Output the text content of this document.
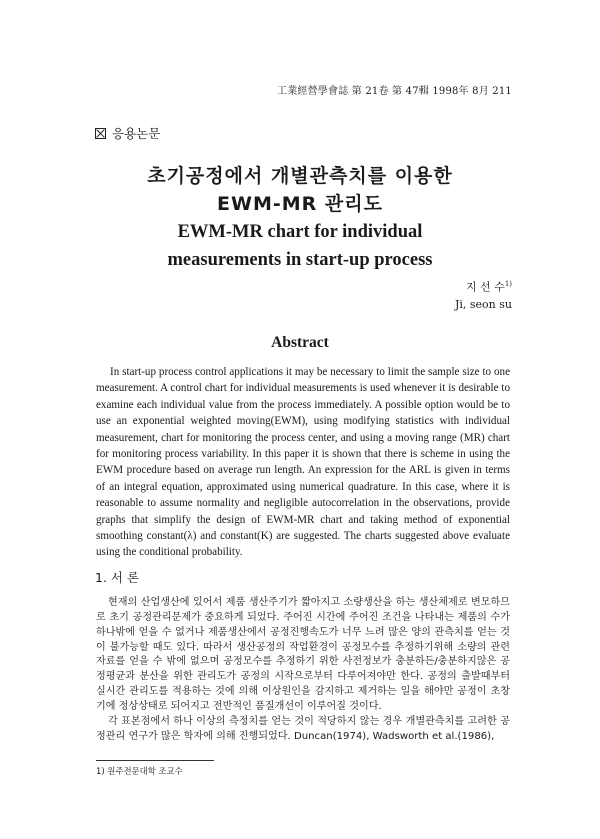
工業經營學會誌 第 21卷 第 47輯 1998年 8月 211
응용논문
초기공정에서 개별관측치를 이용한
EWM-MR 관리도
EWM-MR chart for individual
measurements in start-up process
지 선 수$^{1)}$
Ji, seon su
Abstract

In start-up process control applications it may be necessary to limit the sample size to one measurement. A control chart for individual measurements is used whenever it is desirable to examine each individual value from the process immediately. A possible option would be to use an exponential weighted moving(EWM), using modifying statistics with individual measurement, chart for monitoring the process center, and using a moving range (MR) chart for monitoring process variability. In this paper it is shown that there is scheme in using the EWM procedure based on average run length. An expression for the ARL is given in terms of an integral equation, approximated using numerical quadrature. In this case, where it is reasonable to assume normality and negligible autocorrelation in the observations, provide graphs that simplify the design of EWM-MR chart and taking method of exponential smoothing constant(λ) and constant(K) are suggested. The charts suggested above evaluate using the conditional probability.

1. 서 론

현재의 산업생산에 있어서 제품 생산주기가 짧아지고 소량생산을 하는 생산체제로 변모하므로 초기 공정관리문제가 중요하게 되었다. 주어진 시간에 주어진 조건을 나타내는 제품의 수가 하나밖에 얻을 수 없거나 제품생산에서 공정진행속도가 너무 느려 많은 양의 관측치를 얻는 것이 불가능할 때도 있다. 따라서 생산공정의 작업환경이 공정모수를 추정하기위해 소량의 관련자료를 얻을 수 밖에 없으며 공정모수를 추정하기 위한 사전정보가 충분하든/충분하지않은 공정평균과 분산을 위한 관리도가 공정의 시작으로부터 다루어져야만 한다. 공정의 출발때부터 실시간 관리도를 적용하는 것에 의해 이상원인을 감지하고 제거하는 일을 해야만 공정이 초창기에 정상상태로 되어지고 전반적인 품질개선이 이루어질 것이다.

각 표본점에서 하나 이상의 측정치를 얻는 것이 적당하지 않는 경우 개별관측치를 고려한 공정관리 연구가 많은 학자에 의해 진행되었다. Duncan(1974), Wadsworth et al.(1986),

1) 원주전문대학 조교수
